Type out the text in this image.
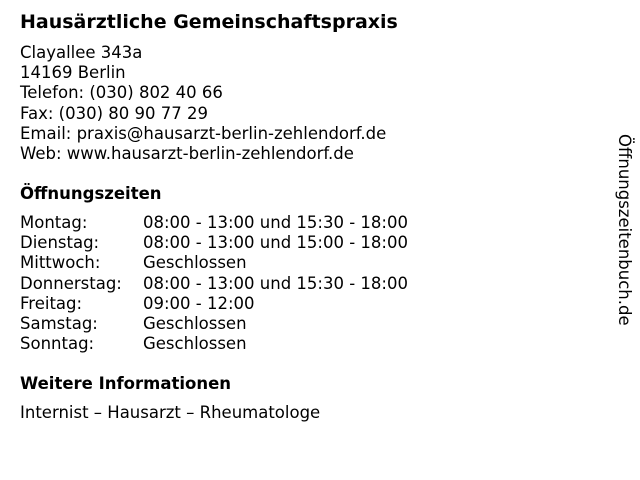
Hausärztliche Gemeinschaftspraxis
Clayallee 343a
14169 Berlin
Telefon: (030) 802 40 66
Fax: (030) 80 90 77 29
Email: praxis@hausarzt-berlin-zehlendorf.de
Web: www.hausarzt-berlin-zehlendorf.de
Öffnungszeiten
Montag:	08:00 - 13:00 und 15:30 - 18:00
Dienstag:	08:00 - 13:00 und 15:00 - 18:00
Mittwoch:	Geschlossen
Donnerstag: 08:00 - 13:00 und 15:30 - 18:00
Freitag:	09:00 - 12:00
Samstag:	Geschlossen
Sonntag:	Geschlossen
Weitere Informationen
Internist – Hausarzt – Rheumatologe
Öffnungszeitenbuch.de
